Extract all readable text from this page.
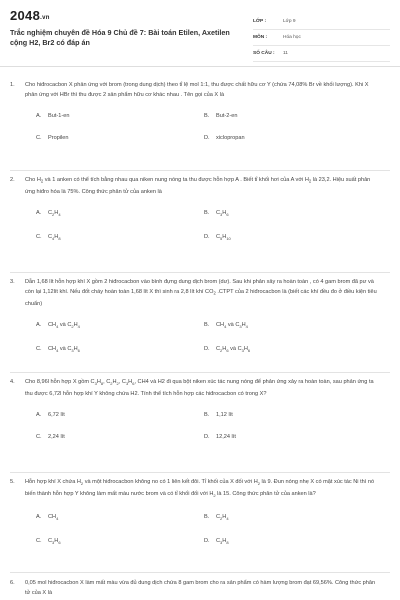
2048.vn
Trắc nghiệm chuyên đề Hóa 9 Chủ đề 7: Bài toán Etilen, Axetilen cộng H2, Br2 có đáp án
LỚP :	Lớp 9
MÔN :	Hóa học
SỐ CÂU :	11
1.	Cho hiđrocacbon X phản ứng với brom (trong dung dịch) theo tỉ lệ mol 1:1, thu được chất hữu cơ Y (chứa 74,08% Br về khối lượng). Khi X phản ứng với HBr thì thu được 2 sản phẩm hữu cơ khác nhau . Tên gọi của X là
A.	But-1-en	B.	But-2-en
C.	Propilen	D.	xiclopropan
2.	Cho $H_2$ và 1 anken có thể tích bằng nhau qua niken nung nóng ta thu được hỗn hợp A . Biết tỉ khối hơi của A với $H_2$ là 23,2. Hiệu suất phản ứng hiđro hóa là 75%. Công thức phân tử của anken là
A.	$C_2H_4$	B.	$C_3H_6$
C.	$C_4H_8$	D.	$C_5H_{10}$
3.	Dẫn 1,68 lít hỗn hợp khí X gồm 2 hiđrocacbon vào bình đựng dung dịch brom (dư). Sau khi phản xảy ra hoàn toàn , có 4 gam brom đã pư và còn lại 1,12lít khí. Nếu đốt cháy hoàn toàn 1,68 lít X thì sinh ra 2,8 lít khí $CO_2$ .CTPT của 2 hiđrocacbon là (biết các khí đều đo ở điều kiện tiêu chuẩn)
A.	$CH_4$ và $C_2H_4$	B.	$CH_4$ và $C_3H_4$
C.	$CH_4$ và $C_3H_6$	D.	$C_2H_6$ và $C_3H_6$
4.	Cho 8,96l hỗn hợp X gồm $C_3H_8$, $C_2H_2$, $C_3H_6$, CH4 và H2 đi qua bột niken xúc tác nung nóng để phản ứng xảy ra hoàn toàn, sau phản ứng ta thu được 6,72l hỗn hợp khí Y không chứa H2. Tính thể tích hỗn hợp các hiđrocacbon có trong X?
A.	6,72 lít	B.	1,12 lít
C.	2,24 lít	D.	12,24 lít
5.	Hỗn hợp khí X chứa $H_2$ và một hiđrocacbon không no có 1 liên kết đôi. Tỉ khối của X đối với $H_2$ là 9. Đun nóng nhẹ X có mặt xúc tác Ni thì nó biến thành hỗn hợp Y không làm mất màu nước brom và có tỉ khối đối với $H_2$ là 15. Công thức phân tử của anken là?
A.	$CH_4$	B.	$C_2H_4$
C.	$C_3H_6$	D.	$C_3H_8$
6.	0,05 mol hiđrocacbon X làm mất màu vừa đủ dung dịch chứa 8 gam brom cho ra sản phẩm có hàm lượng brom đạt 69,56%. Công thức phân tử của X là
